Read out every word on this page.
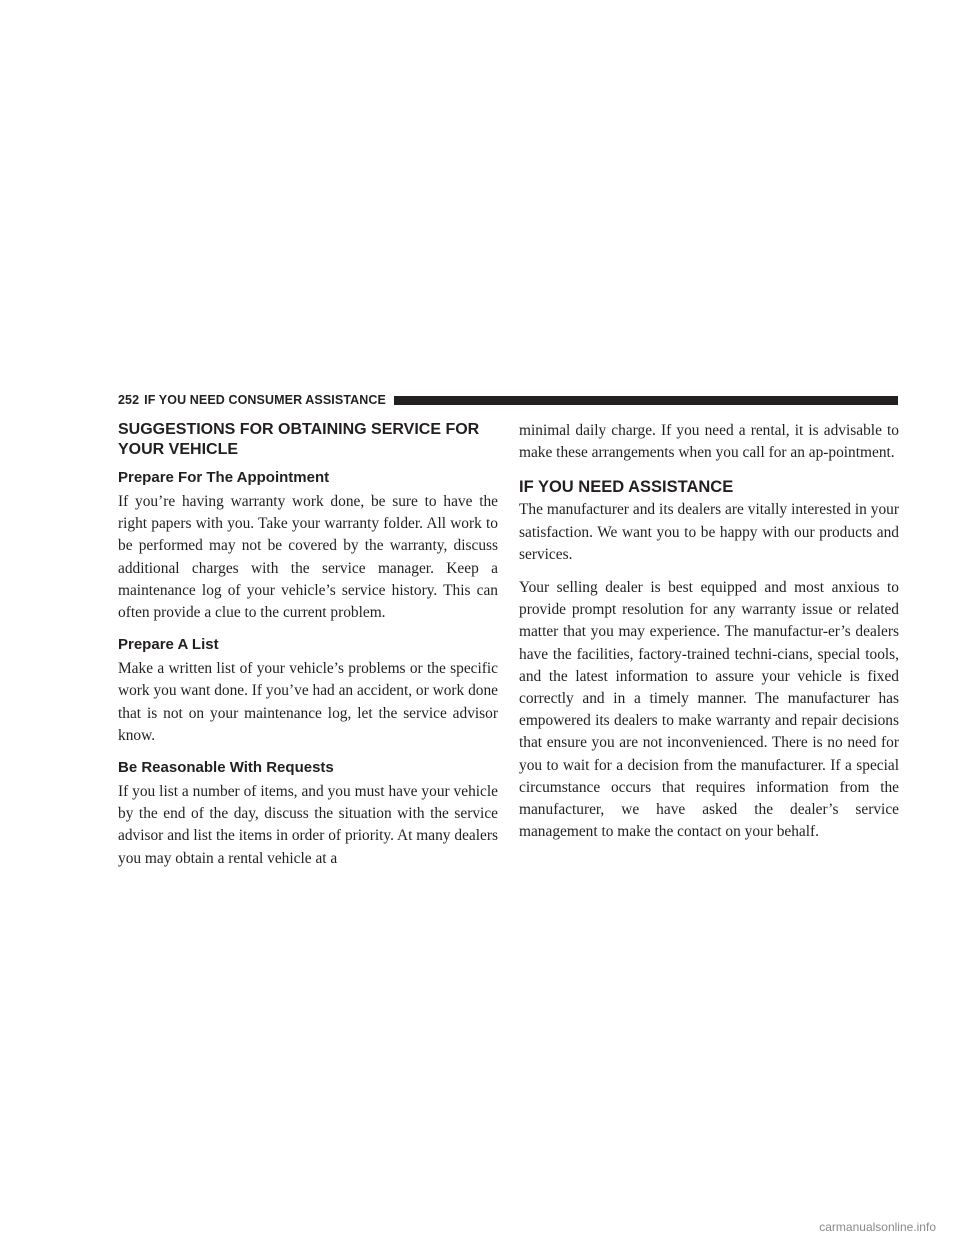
252 IF YOU NEED CONSUMER ASSISTANCE
SUGGESTIONS FOR OBTAINING SERVICE FOR YOUR VEHICLE
Prepare For The Appointment

If you’re having warranty work done, be sure to have the right papers with you. Take your warranty folder. All work to be performed may not be covered by the warranty, discuss additional charges with the service manager. Keep a maintenance log of your vehicle’s service history. This can often provide a clue to the current problem.

Prepare A List

Make a written list of your vehicle’s problems or the specific work you want done. If you’ve had an accident, or work done that is not on your maintenance log, let the service advisor know.

Be Reasonable With Requests

If you list a number of items, and you must have your vehicle by the end of the day, discuss the situation with the service advisor and list the items in order of priority. At many dealers you may obtain a rental vehicle at a

minimal daily charge. If you need a rental, it is advisable to make these arrangements when you call for an ap-pointment.

IF YOU NEED ASSISTANCE

The manufacturer and its dealers are vitally interested in your satisfaction. We want you to be happy with our products and services.

Your selling dealer is best equipped and most anxious to provide prompt resolution for any warranty issue or related matter that you may experience. The manufactur-er’s dealers have the facilities, factory-trained techni-cians, special tools, and the latest information to assure your vehicle is fixed correctly and in a timely manner. The manufacturer has empowered its dealers to make warranty and repair decisions that ensure you are not inconvenienced. There is no need for you to wait for a decision from the manufacturer. If a special circumstance occurs that requires information from the manufacturer, we have asked the dealer’s service management to make the contact on your behalf.

carmanualsonline.info
